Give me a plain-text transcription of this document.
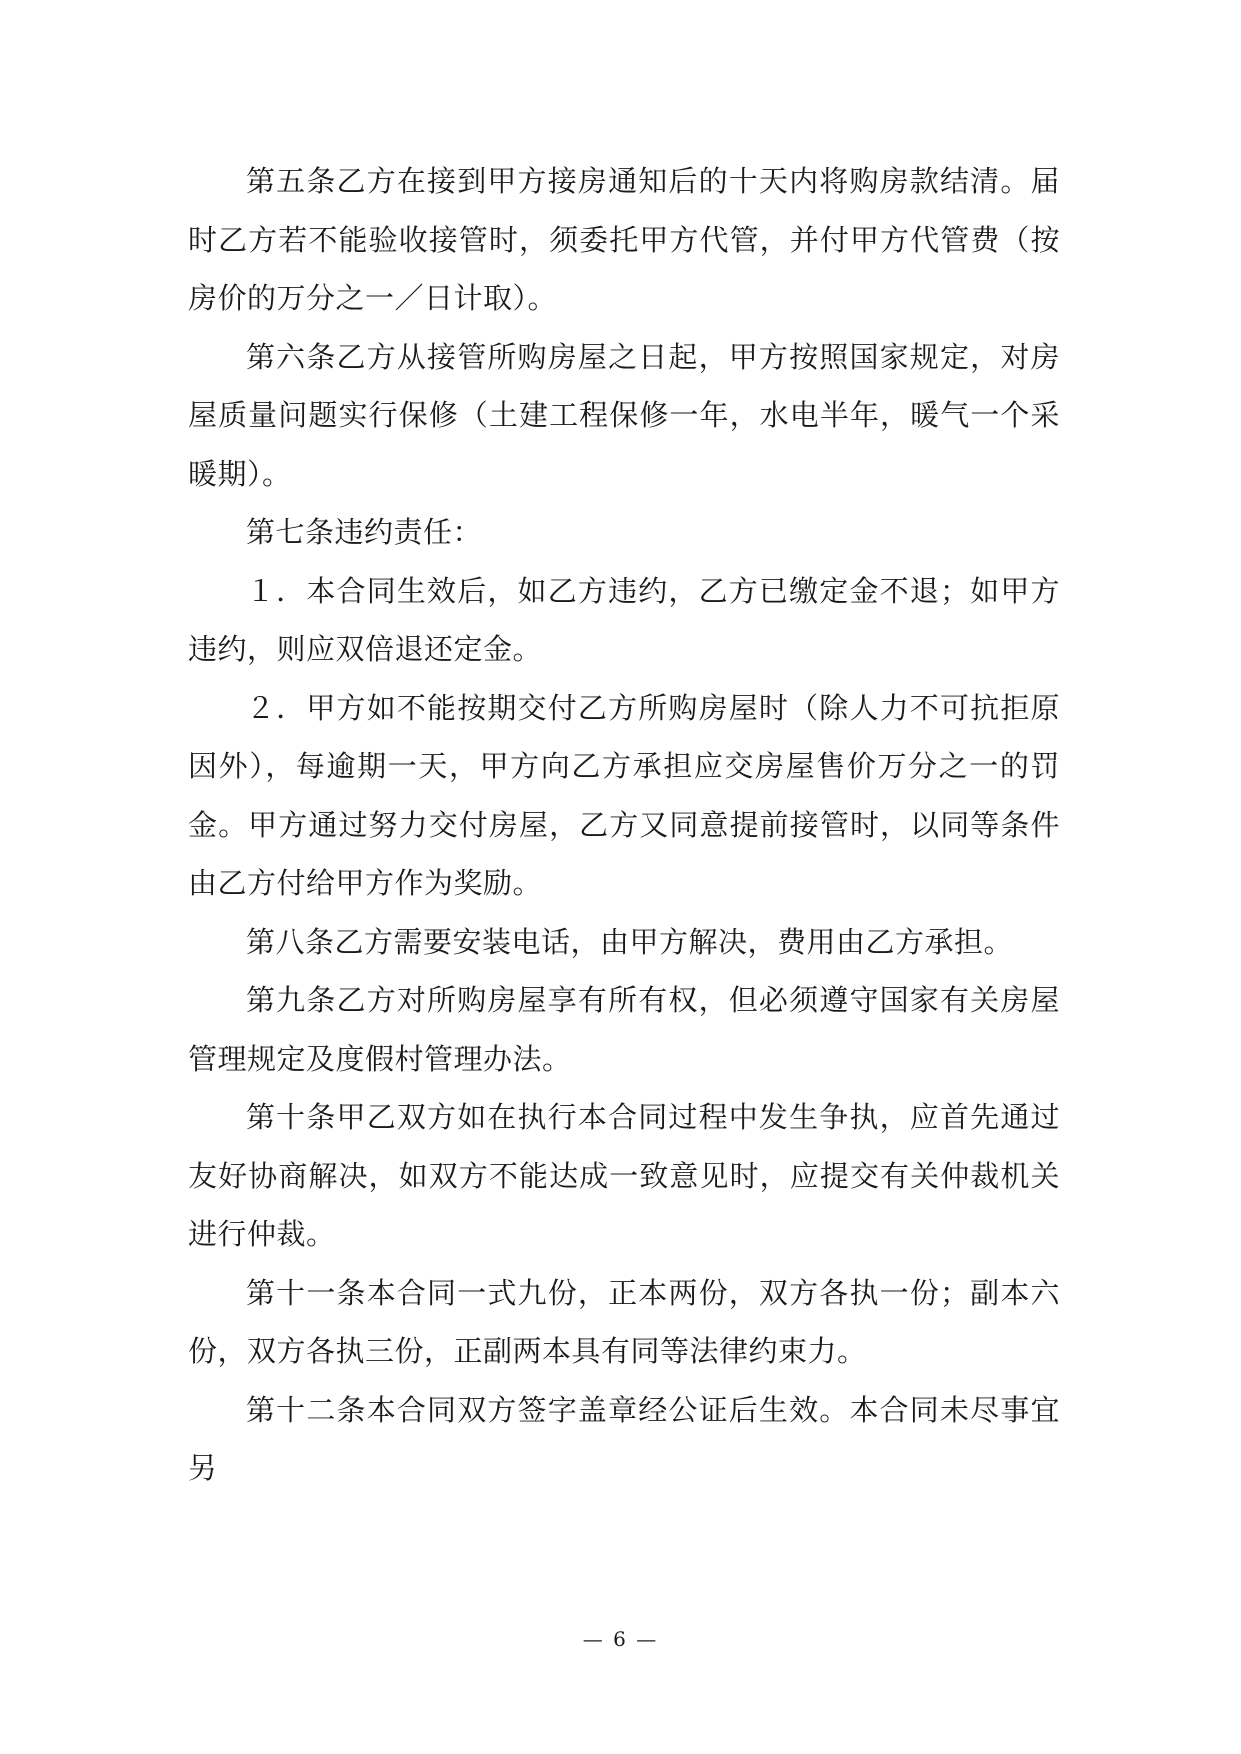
第五条乙方在接到甲方接房通知后的十天内将购房款结清。届时乙方若不能验收接管时，须委托甲方代管，并付甲方代管费（按房价的万分之一／日计取）。

第六条乙方从接管所购房屋之日起，甲方按照国家规定，对房屋质量问题实行保修（土建工程保修一年，水电半年，暖气一个采暖期）。

第七条违约责任：

１．本合同生效后，如乙方违约，乙方已缴定金不退；如甲方违约，则应双倍退还定金。

２．甲方如不能按期交付乙方所购房屋时（除人力不可抗拒原因外），每逾期一天，甲方向乙方承担应交房屋售价万分之一的罚金。甲方通过努力交付房屋，乙方又同意提前接管时，以同等条件由乙方付给甲方作为奖励。

第八条乙方需要安装电话，由甲方解决，费用由乙方承担。

第九条乙方对所购房屋享有所有权，但必须遵守国家有关房屋管理规定及度假村管理办法。

第十条甲乙双方如在执行本合同过程中发生争执，应首先通过友好协商解决，如双方不能达成一致意见时，应提交有关仲裁机关进行仲裁。

第十一条本合同一式九份，正本两份，双方各执一份；副本六份，双方各执三份，正副两本具有同等法律约束力。

第十二条本合同双方签字盖章经公证后生效。本合同未尽事宜另

— 6 —
